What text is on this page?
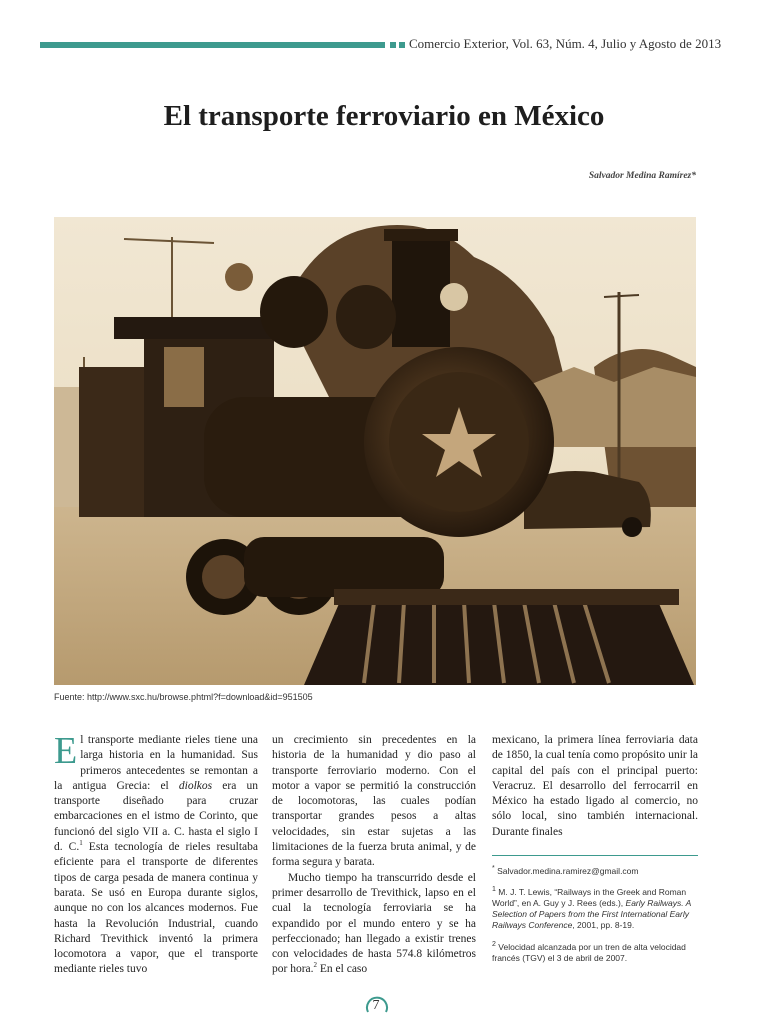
Comercio Exterior, Vol. 63, Núm. 4, Julio y Agosto de 2013
El transporte ferroviario en México
Salvador Medina Ramírez*
Fuente: http://www.sxc.hu/browse.phtml?f=download&id=951505

El transporte mediante rieles tiene una larga historia en la humanidad. Sus primeros antecedentes se remontan a la antigua Grecia: el diolkos era un transporte diseñado para cruzar embarcaciones en el istmo de Corinto, que funcionó del siglo VII a. C. hasta el siglo I d. C.$^1$ Esta tecnología de rieles resultaba eficiente para el transporte de diferentes tipos de carga pesada de manera continua y barata. Se usó en Europa durante siglos, aunque no con los alcances modernos. Fue hasta la Revolución Industrial, cuando Richard Trevithick inventó la primera locomotora a vapor, que el transporte mediante rieles tuvo

un crecimiento sin precedentes en la historia de la humanidad y dio paso al transporte ferroviario moderno. Con el motor a vapor se permitió la construcción de locomotoras, las cuales podían transportar grandes pesos a altas velocidades, sin estar sujetas a las limitaciones de la fuerza bruta animal, y de forma segura y barata.

Mucho tiempo ha transcurrido desde el primer desarrollo de Trevithick, lapso en el cual la tecnología ferroviaria se ha expandido por el mundo entero y se ha perfeccionado; han llegado a existir trenes con velocidades de hasta 574.8 kilómetros por hora.$^2$ En el caso

mexicano, la primera línea ferroviaria data de 1850, la cual tenía como propósito unir la capital del país con el principal puerto: Veracruz. El desarrollo del ferrocarril en México ha estado ligado al comercio, no sólo local, sino también internacional. Durante finales

* Salvador.medina.ramirez@gmail.com
$^1$ M. J. T. Lewis, “Railways in the Greek and Roman World”, en A. Guy y J. Rees (eds.), Early Railways. A Selection of Papers from the First International Early Railways Conference, 2001, pp. 8-19.
$^2$ Velocidad alcanzada por un tren de alta velocidad francés (TGV) el 3 de abril de 2007.
7
